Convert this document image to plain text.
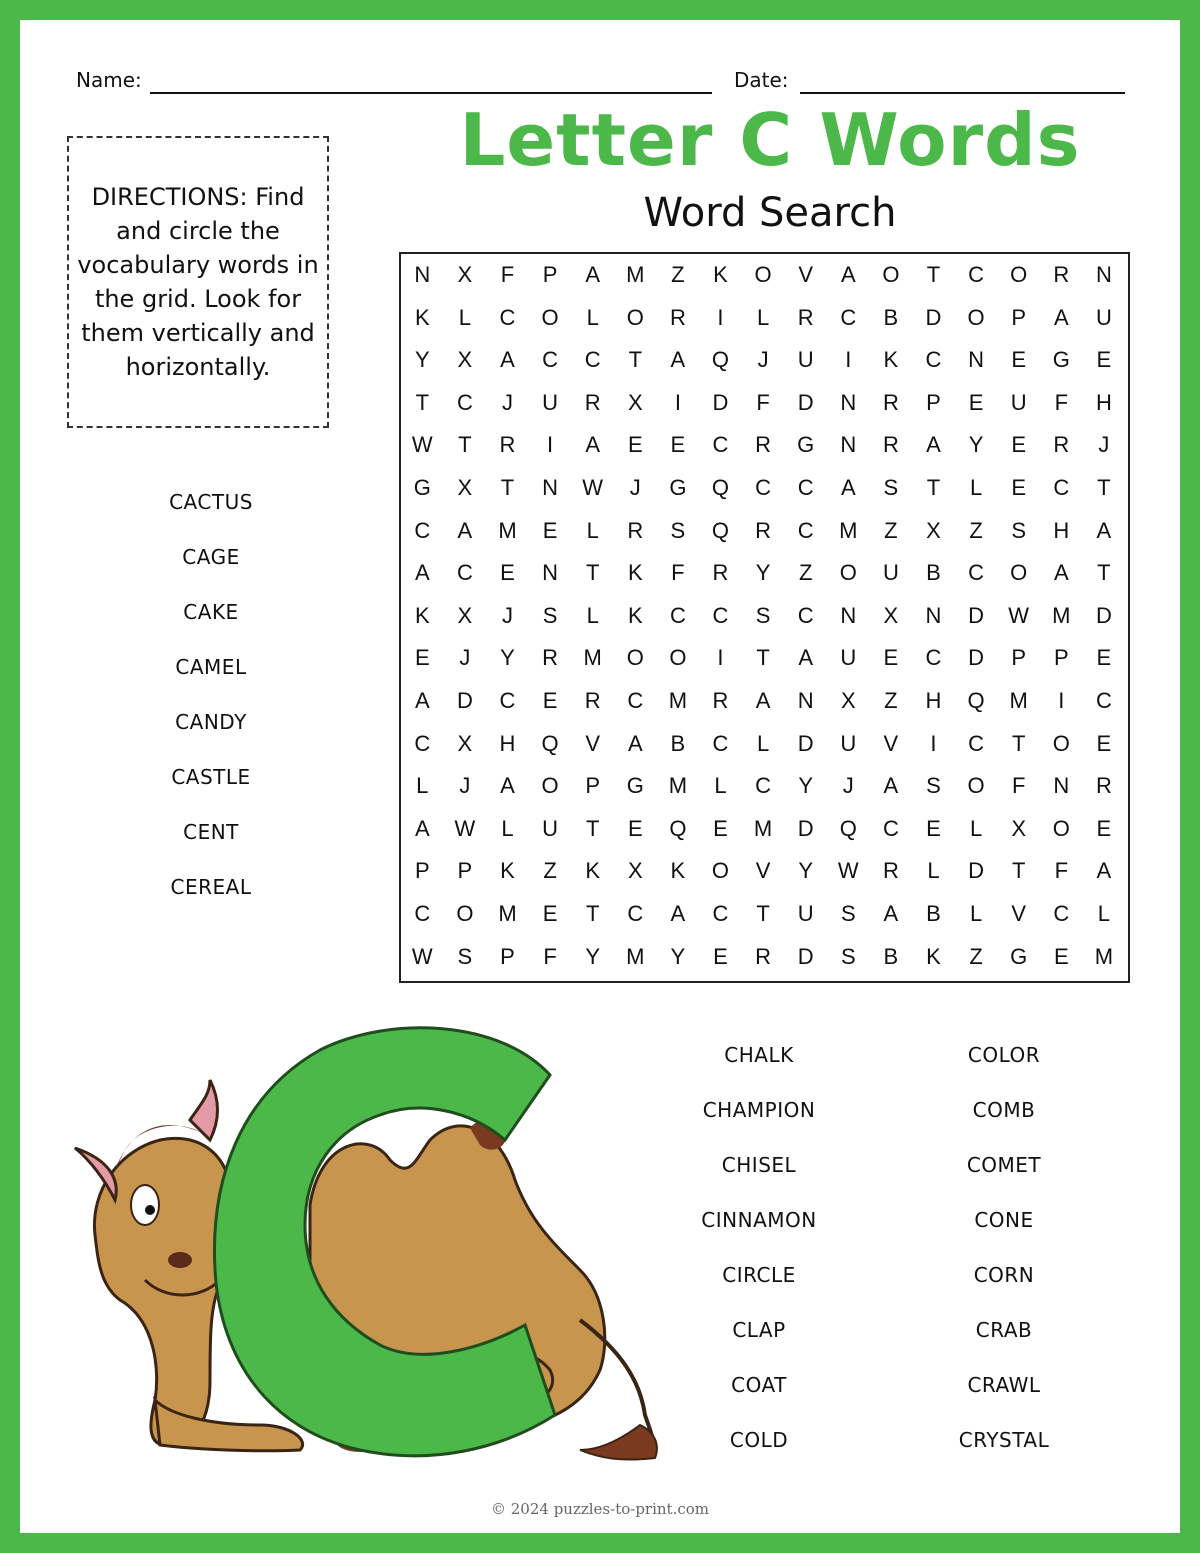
Name:	Date:
Letter C Words
Word Search
DIRECTIONS: Find and circle the vocabulary words in the grid. Look for them vertically and horizontally.
N	X	F	P	A	M	Z	K	O	V	A	O	T	C	O	R	N
K	L	C	O	L	O	R	I	L	R	C	B	D	O	P	A	U
Y	X	A	C	C	T	A	Q	J	U	I	K	C	N	E	G	E
T	C	J	U	R	X	I	D	F	D	N	R	P	E	U	F	H
W	T	R	I	A	E	E	C	R	G	N	R	A	Y	E	R	J
G	X	T	N	W	J	G	Q	C	C	A	S	T	L	E	C	T
C	A	M	E	L	R	S	Q	R	C	M	Z	X	Z	S	H	A
A	C	E	N	T	K	F	R	Y	Z	O	U	B	C	O	A	T
K	X	J	S	L	K	C	C	S	C	N	X	N	D	W	M	D
E	J	Y	R	M	O	O	I	T	A	U	E	C	D	P	P	E
A	D	C	E	R	C	M	R	A	N	X	Z	H	Q	M	I	C
C	X	H	Q	V	A	B	C	L	D	U	V	I	C	T	O	E
L	J	A	O	P	G	M	L	C	Y	J	A	S	O	F	N	R
A	W	L	U	T	E	Q	E	M	D	Q	C	E	L	X	O	E
P	P	K	Z	K	X	K	O	V	Y	W	R	L	D	T	F	A
C	O	M	E	T	C	A	C	T	U	S	A	B	L	V	C	L
W	S	P	F	Y	M	Y	E	R	D	S	B	K	Z	G	E	M
CACTUS
CAGE
CAKE
CAMEL
CANDY
CASTLE
CENT
CEREAL
CHALK
CHAMPION
CHISEL
CINNAMON
CIRCLE
CLAP
COAT
COLD
COLOR
COMB
COMET
CONE
CORN
CRAB
CRAWL
CRYSTAL
© 2024 puzzles-to-print.com
